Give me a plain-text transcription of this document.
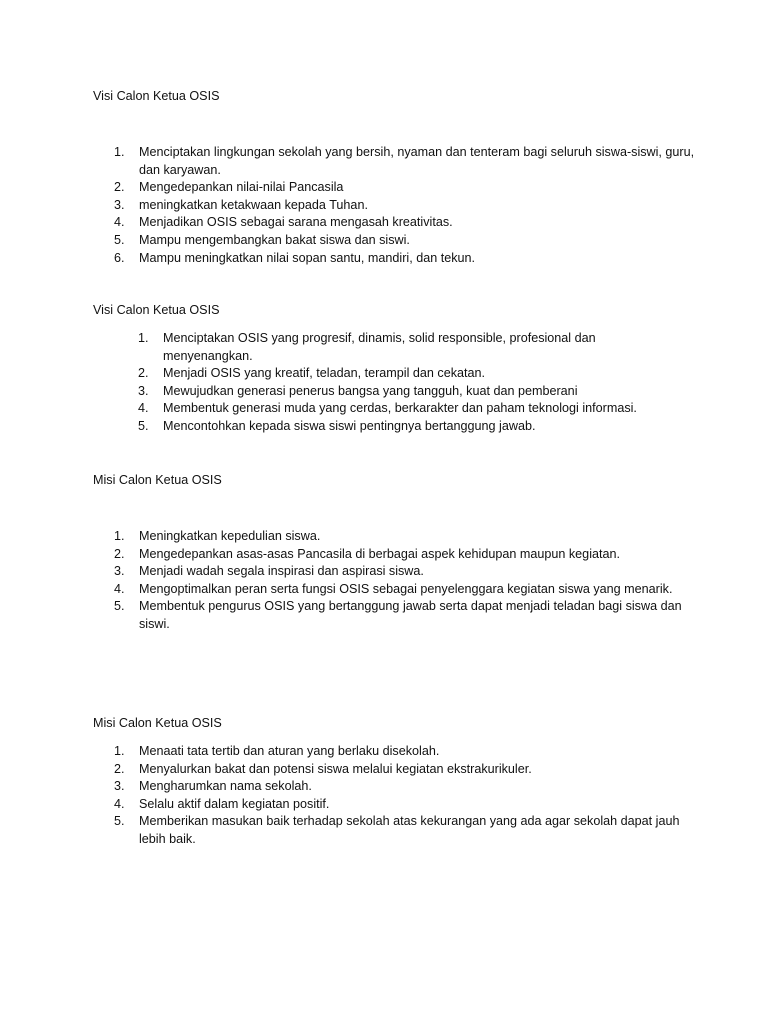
Visi Calon Ketua OSIS
1.	Menciptakan lingkungan sekolah yang bersih, nyaman dan tenteram bagi seluruh siswa-siswi, guru, dan karyawan.
2.	Mengedepankan nilai-nilai Pancasila
3.	meningkatkan ketakwaan kepada Tuhan.
4.	Menjadikan OSIS sebagai sarana mengasah kreativitas.
5.	Mampu mengembangkan bakat siswa dan siswi.
6.	Mampu meningkatkan nilai sopan santu, mandiri, dan tekun.
Visi Calon Ketua OSIS
1.	Menciptakan OSIS yang progresif, dinamis, solid responsible, profesional dan menyenangkan.
2.	Menjadi OSIS yang kreatif, teladan, terampil dan cekatan.
3.	Mewujudkan generasi penerus bangsa yang tangguh, kuat dan pemberani
4.	Membentuk generasi muda yang cerdas, berkarakter dan paham teknologi informasi.
5.	Mencontohkan kepada siswa siswi pentingnya bertanggung jawab.
Misi Calon Ketua OSIS
1.	Meningkatkan kepedulian siswa.
2.	Mengedepankan asas-asas Pancasila di berbagai aspek kehidupan maupun kegiatan.
3.	Menjadi wadah segala inspirasi dan aspirasi siswa.
4.	Mengoptimalkan peran serta fungsi OSIS sebagai penyelenggara kegiatan siswa yang menarik.
5.	Membentuk pengurus OSIS yang bertanggung jawab serta dapat menjadi teladan bagi siswa dan siswi.
Misi Calon Ketua OSIS
1.	Menaati tata tertib dan aturan yang berlaku disekolah.
2.	Menyalurkan bakat dan potensi siswa melalui kegiatan ekstrakurikuler.
3.	Mengharumkan nama sekolah.
4.	Selalu aktif dalam kegiatan positif.
5.	Memberikan masukan baik terhadap sekolah atas kekurangan yang ada agar sekolah dapat jauh lebih baik.
